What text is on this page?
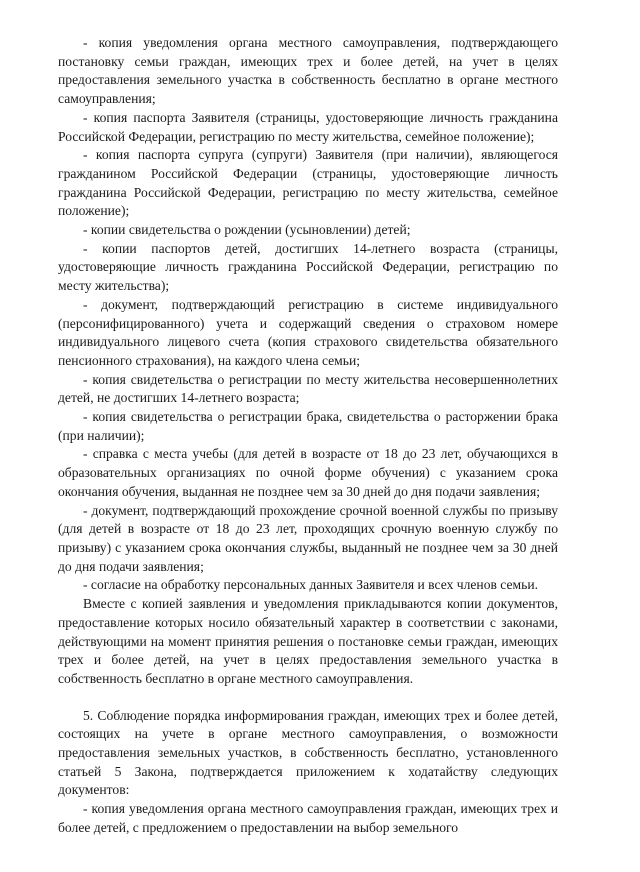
- копия уведомления органа местного самоуправления, подтверждающего постановку семьи граждан, имеющих трех и более детей, на учет в целях предоставления земельного участка в собственность бесплатно в органе местного самоуправления;

- копия паспорта Заявителя (страницы, удостоверяющие личность гражданина Российской Федерации, регистрацию по месту жительства, семейное положение);

- копия паспорта супруга (супруги) Заявителя (при наличии), являющегося гражданином Российской Федерации (страницы, удостоверяющие личность гражданина Российской Федерации, регистрацию по месту жительства, семейное положение);

- копии свидетельства о рождении (усыновлении) детей;

- копии паспортов детей, достигших 14-летнего возраста (страницы, удостоверяющие личность гражданина Российской Федерации, регистрацию по месту жительства);

- документ, подтверждающий регистрацию в системе индивидуального (персонифицированного) учета и содержащий сведения о страховом номере индивидуального лицевого счета (копия страхового свидетельства обязательного пенсионного страхования), на каждого члена семьи;

- копия свидетельства о регистрации по месту жительства несовершеннолетних детей, не достигших 14-летнего возраста;

- копия свидетельства о регистрации брака, свидетельства о расторжении брака (при наличии);

- справка с места учебы (для детей в возрасте от 18 до 23 лет, обучающихся в образовательных организациях по очной форме обучения) с указанием срока окончания обучения, выданная не позднее чем за 30 дней до дня подачи заявления;

- документ, подтверждающий прохождение срочной военной службы по призыву (для детей в возрасте от 18 до 23 лет, проходящих срочную военную службу по призыву) с указанием срока окончания службы, выданный не позднее чем за 30 дней до дня подачи заявления;

- согласие на обработку персональных данных Заявителя и всех членов семьи.

Вместе с копией заявления и уведомления прикладываются копии документов, предоставление которых носило обязательный характер в соответствии с законами, действующими на момент принятия решения о постановке семьи граждан, имеющих трех и более детей, на учет в целях предоставления земельного участка в собственность бесплатно в органе местного самоуправления.

5. Соблюдение порядка информирования граждан, имеющих трех и более детей, состоящих на учете в органе местного самоуправления, о возможности предоставления земельных участков, в собственность бесплатно, установленного статьей 5 Закона, подтверждается приложением к ходатайству следующих документов:

- копия уведомления органа местного самоуправления граждан, имеющих трех и более детей, с предложением о предоставлении на выбор земельного
